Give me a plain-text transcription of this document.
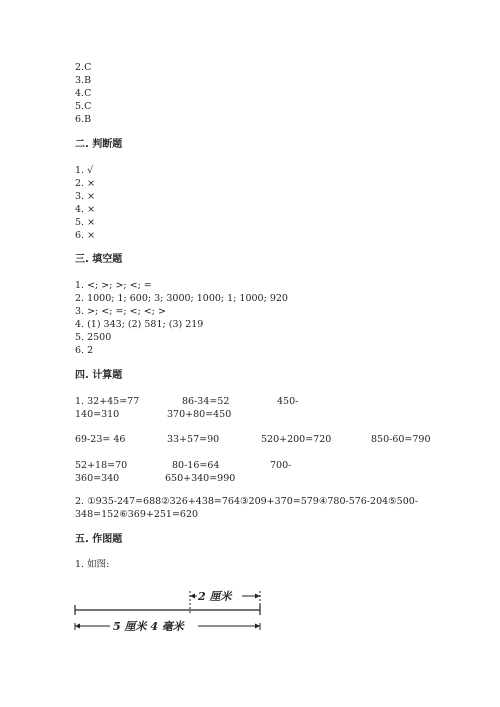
2.C
3.B
4.C
5.C
6.B
二. 判断题
1. √
2. ×
3. ×
4. ×
5. ×
6. ×
三. 填空题
1. <; >; >; <; =
2. 1000; 1; 600; 3; 3000; 1000; 1; 1000; 920
3. >; <; =; <; <; >
4. (1) 343; (2) 581; (3) 219
5. 2500
6. 2
四. 计算题
1. 32+45=77	86-34=52	450-
140=310	370+80=450
69-23= 46	33+57=90	520+200=720	850-60=790
52+18=70	80-16=64	700-
360=340	650+340=990
2. ①935-247=688②326+438=764③209+370=579④780-576-204⑤500-
348=152⑥369+251=620
五. 作图题
1. 如图:
2 厘米
5 厘米 4 毫米
